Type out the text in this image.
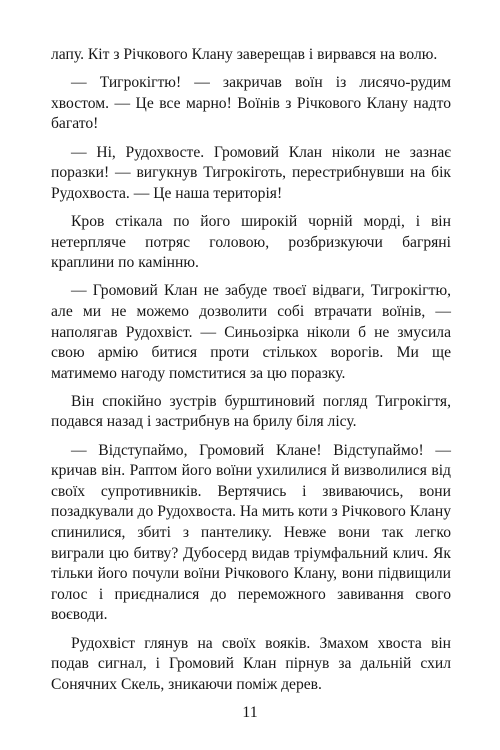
лапу. Кіт з Річкового Клану заверещав і вирвався на волю.

— Тигрокігтю! — закричав воїн із лисячо-рудим хвостом. — Це все марно! Воїнів з Річкового Клану надто багато!

— Ні, Рудохвосте. Громовий Клан ніколи не зазнає поразки! — вигукнув Тигрокіготь, перестрибнувши на бік Рудохвоста. — Це наша територія!

Кров стікала по його широкій чорній морді, і він нетерпляче потряс головою, розбризкуючи багряні краплини по камінню.

— Громовий Клан не забуде твоєї відваги, Тигрокігтю, але ми не можемо дозволити собі втрачати воїнів, — наполягав Рудохвіст. — Синьозірка ніколи б не змусила свою армію битися проти стількох ворогів. Ми ще матимемо нагоду помститися за цю поразку.

Він спокійно зустрів бурштиновий погляд Тигрокігтя, подався назад і застрибнув на брилу біля лісу.

— Відступаймо, Громовий Клане! Відступаймо! — кричав він. Раптом його воїни ухилилися й визволилися від своїх супротивників. Вертячись і звиваючись, вони позадкували до Рудохвоста. На мить коти з Річкового Клану спинилися, збиті з пантелику. Невже вони так легко виграли цю битву? Дубосерд видав тріумфальний клич. Як тільки його почули воїни Річкового Клану, вони підвищили голос і приєдналися до переможного завивання свого воєводи.

Рудохвіст глянув на своїх вояків. Змахом хвоста він подав сигнал, і Громовий Клан пірнув за дальній схил Сонячних Скель, зникаючи поміж дерев.

11
